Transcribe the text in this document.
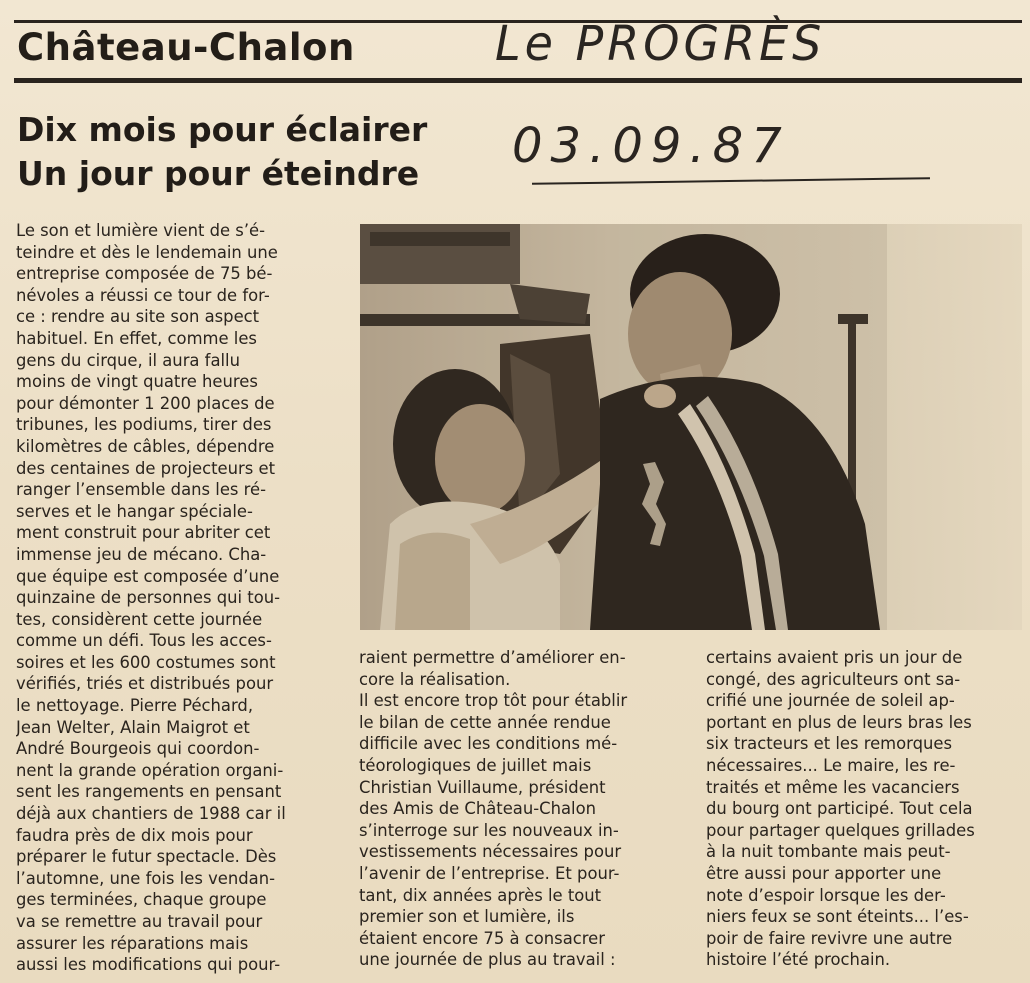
Château-Chalon	Le PROGRÈS
Dix mois pour éclairer
Un jour pour éteindre 03.09.87
Le son et lumière vient de s’é-
teindre et dès le lendemain une
entreprise composée de 75 bé-
névoles a réussi ce tour de for-
ce : rendre au site son aspect
habituel. En effet, comme les
gens du cirque, il aura fallu
moins de vingt quatre heures
pour démonter 1 200 places de
tribunes, les podiums, tirer des
kilomètres de câbles, dépendre
des centaines de projecteurs et
ranger l’ensemble dans les ré-
serves et le hangar spéciale-
ment construit pour abriter cet
immense jeu de mécano. Cha-
que équipe est composée d’une
quinzaine de personnes qui tou-
tes, considèrent cette journée
comme un défi. Tous les acces-
soires et les 600 costumes sont
vérifiés, triés et distribués pour
le nettoyage. Pierre Péchard,
Jean Welter, Alain Maigrot et
André Bourgeois qui coordon-
nent la grande opération organi-
sent les rangements en pensant
déjà aux chantiers de 1988 car il
faudra près de dix mois pour
préparer le futur spectacle. Dès
l’automne, une fois les vendan-
ges terminées, chaque groupe
va se remettre au travail pour
assurer les réparations mais
aussi les modifications qui pour-
raient permettre d’améliorer en-
core la réalisation.
Il est encore trop tôt pour établir
le bilan de cette année rendue
difficile avec les conditions mé-
téorologiques de juillet mais
Christian Vuillaume, président
des Amis de Château-Chalon
s’interroge sur les nouveaux in-
vestissements nécessaires pour
l’avenir de l’entreprise. Et pour-
tant, dix années après le tout
premier son et lumière, ils
étaient encore 75 à consacrer
une journée de plus au travail :
certains avaient pris un jour de
congé, des agriculteurs ont sa-
crifié une journée de soleil ap-
portant en plus de leurs bras les
six tracteurs et les remorques
nécessaires... Le maire, les re-
traités et même les vacanciers
du bourg ont participé. Tout cela
pour partager quelques grillades
à la nuit tombante mais peut-
être aussi pour apporter une
note d’espoir lorsque les der-
niers feux se sont éteints... l’es-
poir de faire revivre une autre
histoire l’été prochain.
